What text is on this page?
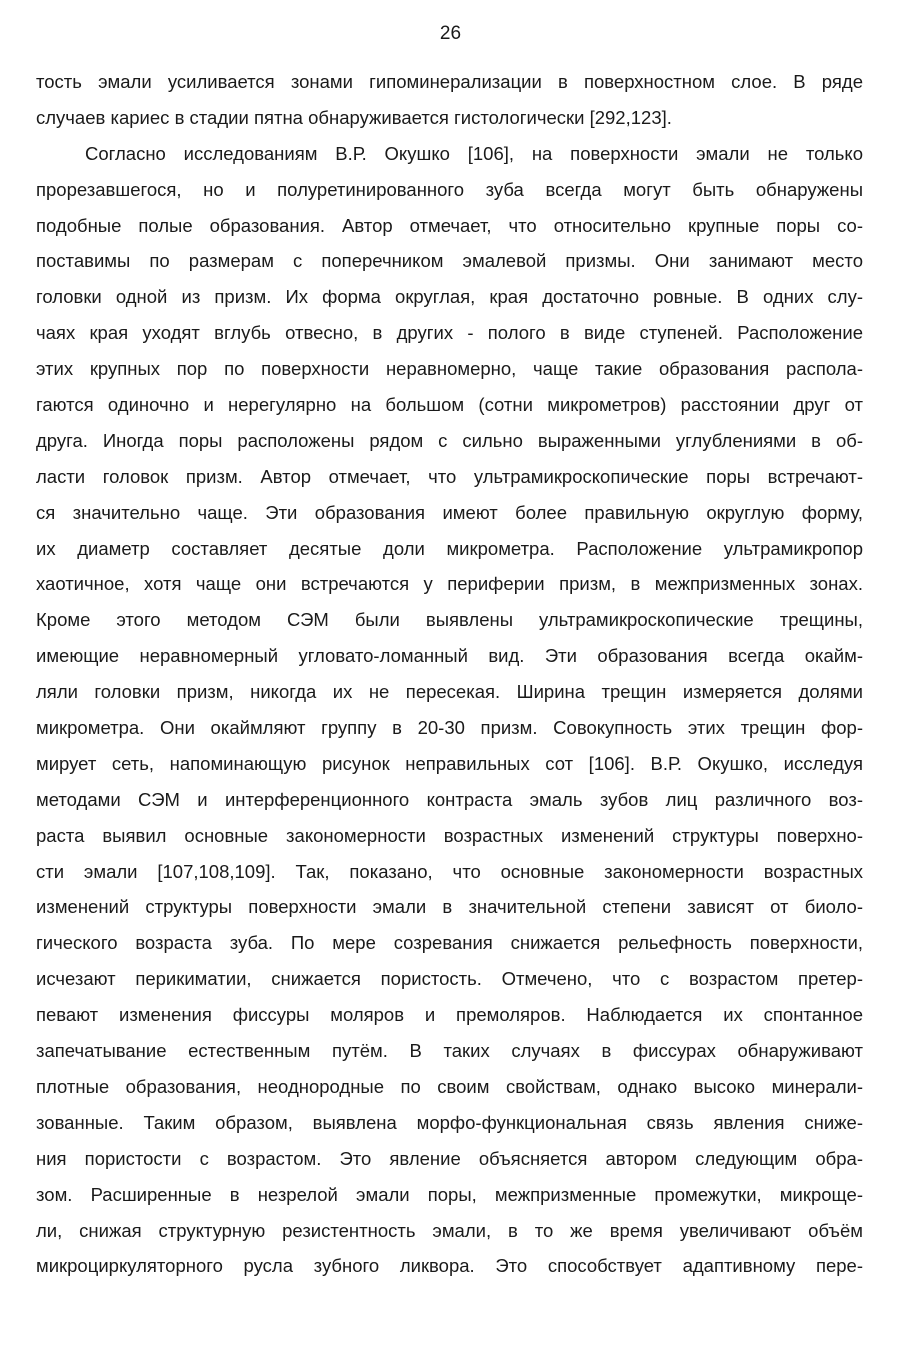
26
тость эмали усиливается зонами гипоминерализации в поверхностном слое. В ряде
случаев кариес в стадии пятна обнаруживается гистологически [292,123].
Согласно исследованиям В.Р. Окушко [106], на поверхности эмали не только
прорезавшегося, но и полуретинированного зуба всегда могут быть обнаружены
подобные полые образования. Автор отмечает, что относительно крупные поры со-
поставимы по размерам с поперечником эмалевой призмы. Они занимают место
головки одной из призм. Их форма округлая, края достаточно ровные. В одних слу-
чаях края уходят вглубь отвесно, в других - полого в виде ступеней. Расположение
этих крупных пор по поверхности неравномерно, чаще такие образования распола-
гаются одиночно и нерегулярно на большом (сотни микрометров) расстоянии друг от
друга. Иногда поры расположены рядом с сильно выраженными углублениями в об-
ласти головок призм. Автор отмечает, что ультрамикроскопические поры встречают-
ся значительно чаще. Эти образования имеют более правильную округлую форму,
их диаметр составляет десятые доли микрометра. Расположение ультрамикропор
хаотичное, хотя чаще они встречаются у периферии призм, в межпризменных зонах.
Кроме этого методом СЭМ были выявлены ультрамикроскопические трещины,
имеющие неравномерный угловато-ломанный вид. Эти образования всегда окайм-
ляли головки призм, никогда их не пересекая. Ширина трещин измеряется долями
микрометра. Они окаймляют группу в 20-30 призм. Совокупность этих трещин фор-
мирует сеть, напоминающую рисунок неправильных сот [106]. В.Р. Окушко, исследуя
методами СЭМ и интерференционного контраста эмаль зубов лиц различного воз-
раста выявил основные закономерности возрастных изменений структуры поверхно-
сти эмали [107,108,109]. Так, показано, что основные закономерности возрастных
изменений структуры поверхности эмали в значительной степени зависят от биоло-
гического возраста зуба. По мере созревания снижается рельефность поверхности,
исчезают перикиматии, снижается пористость. Отмечено, что с возрастом претер-
певают изменения фиссуры моляров и премоляров. Наблюдается их спонтанное
запечатывание естественным путём. В таких случаях в фиссурах обнаруживают
плотные образования, неоднородные по своим свойствам, однако высоко минерали-
зованные. Таким образом, выявлена морфо-функциональная связь явления сниже-
ния пористости с возрастом. Это явление объясняется автором следующим обра-
зом. Расширенные в незрелой эмали поры, межпризменные промежутки, микроще-
ли, снижая структурную резистентность эмали, в то же время увеличивают объём
микроциркуляторного русла зубного ликвора. Это способствует адаптивному пере-
